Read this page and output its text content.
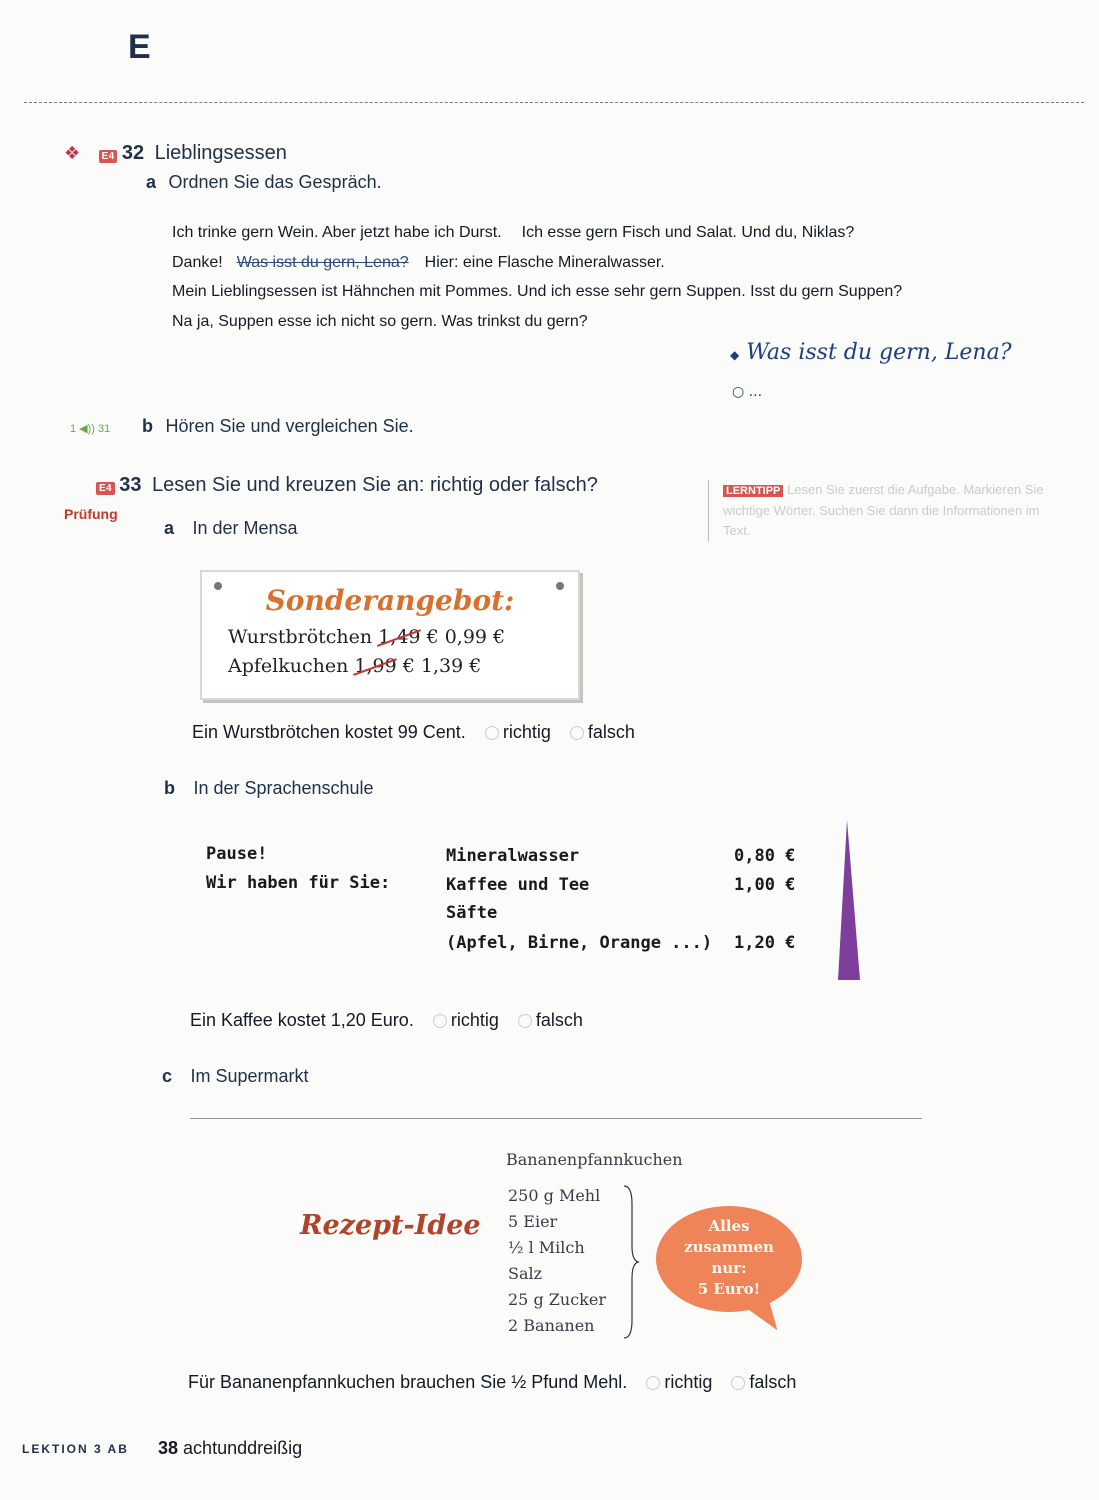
E
❖ E4 32 Lieblingsessen
a Ordnen Sie das Gespräch.
Ich trinke gern Wein. Aber jetzt habe ich Durst. Ich esse gern Fisch und Salat. Und du, Niklas?
Danke! Was isst du gern, Lena? Hier: eine Flasche Mineralwasser.
Mein Lieblingsessen ist Hähnchen mit Pommes. Und ich esse sehr gern Suppen. Isst du gern Suppen?
Na ja, Suppen esse ich nicht so gern. Was trinkst du gern?
◆ Was isst du gern, Lena?
○ ...
1 ◀)) 31 b Hören Sie und vergleichen Sie.
E4 33 Lesen Sie und kreuzen Sie an: richtig oder falsch?
Prüfung
LERNTIPP Lesen Sie zuerst die Aufgabe. Markieren Sie wichtige Wörter. Suchen Sie dann die Informationen im Text.
a In der Mensa
Sonderangebot:
Wurstbrötchen 1,49 € 0,99 €
Apfelkuchen 1,99 € 1,39 €
Ein Wurstbrötchen kostet 99 Cent. richtig falsch
b In der Sprachenschule
Pause!
Wir haben für Sie:
Mineralwasser
Kaffee und Tee
Säfte
(Apfel, Birne, Orange ...)
0,80 €
1,00 €
1,20 €
Ein Kaffee kostet 1,20 Euro. richtig falsch
c Im Supermarkt
Rezept-Idee
Bananenpfannkuchen
250 g Mehl
5 Eier
½ l Milch
Salz
25 g Zucker
2 Bananen
Alles
zusammen
nur:
5 Euro!
Für Bananenpfannkuchen brauchen Sie ½ Pfund Mehl. richtig falsch
LEKTION 3 AB 38 achtunddreißig
